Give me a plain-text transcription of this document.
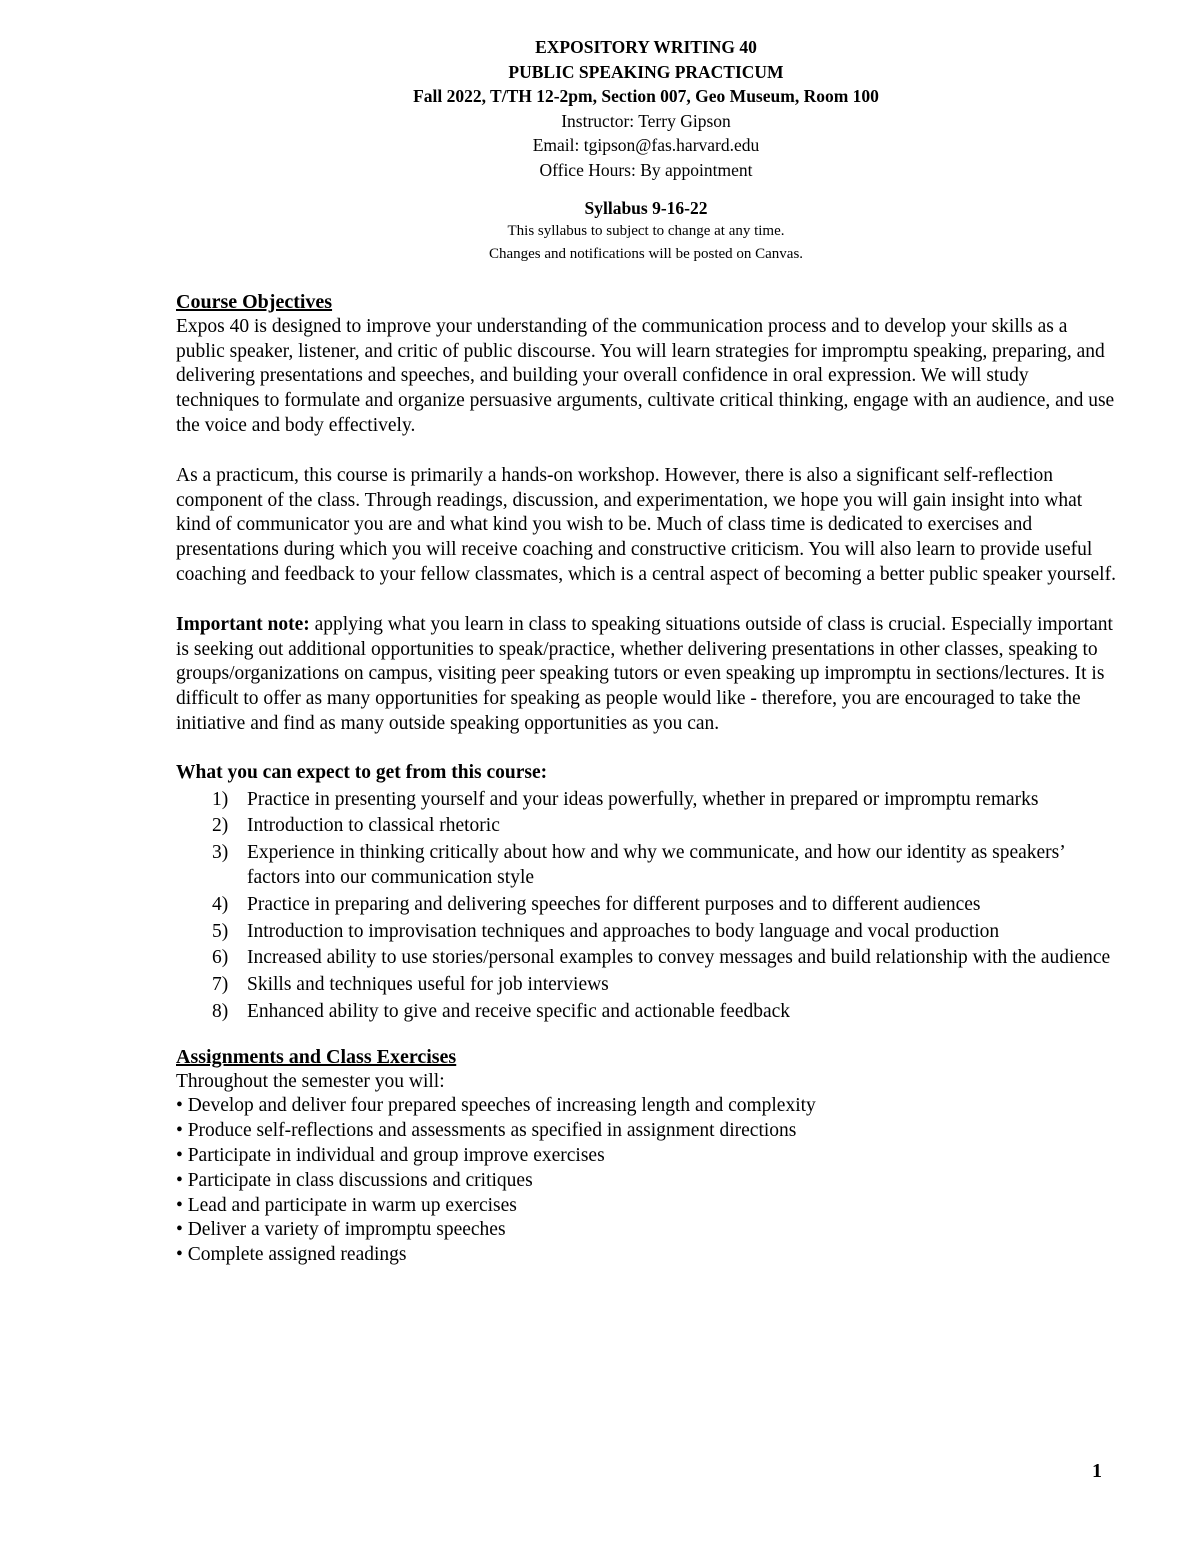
EXPOSITORY WRITING 40
PUBLIC SPEAKING PRACTICUM
Fall 2022, T/TH 12-2pm, Section 007, Geo Museum, Room 100
Instructor: Terry Gipson
Email: tgipson@fas.harvard.edu
Office Hours: By appointment
Syllabus 9-16-22
This syllabus to subject to change at any time.
Changes and notifications will be posted on Canvas.
Course Objectives

Expos 40 is designed to improve your understanding of the communication process and to develop your skills as a public speaker, listener, and critic of public discourse. You will learn strategies for impromptu speaking, preparing, and delivering presentations and speeches, and building your overall confidence in oral expression. We will study techniques to formulate and organize persuasive arguments, cultivate critical thinking, engage with an audience, and use the voice and body effectively.

As a practicum, this course is primarily a hands-on workshop. However, there is also a significant self-reflection component of the class. Through readings, discussion, and experimentation, we hope you will gain insight into what kind of communicator you are and what kind you wish to be. Much of class time is dedicated to exercises and presentations during which you will receive coaching and constructive criticism. You will also learn to provide useful coaching and feedback to your fellow classmates, which is a central aspect of becoming a better public speaker yourself.

Important note: applying what you learn in class to speaking situations outside of class is crucial. Especially important is seeking out additional opportunities to speak/practice, whether delivering presentations in other classes, speaking to groups/organizations on campus, visiting peer speaking tutors or even speaking up impromptu in sections/lectures. It is difficult to offer as many opportunities for speaking as people would like - therefore, you are encouraged to take the initiative and find as many outside speaking opportunities as you can.

What you can expect to get from this course:
1) Practice in presenting yourself and your ideas powerfully, whether in prepared or impromptu remarks
2) Introduction to classical rhetoric
3) Experience in thinking critically about how and why we communicate, and how our identity as speakers’ factors into our communication style
4) Practice in preparing and delivering speeches for different purposes and to different audiences
5) Introduction to improvisation techniques and approaches to body language and vocal production
6) Increased ability to use stories/personal examples to convey messages and build relationship with the audience
7) Skills and techniques useful for job interviews
8) Enhanced ability to give and receive specific and actionable feedback
Assignments and Class Exercises

Throughout the semester you will:

• Develop and deliver four prepared speeches of increasing length and complexity
• Produce self-reflections and assessments as specified in assignment directions
• Participate in individual and group improve exercises
• Participate in class discussions and critiques
• Lead and participate in warm up exercises
• Deliver a variety of impromptu speeches
• Complete assigned readings
1
